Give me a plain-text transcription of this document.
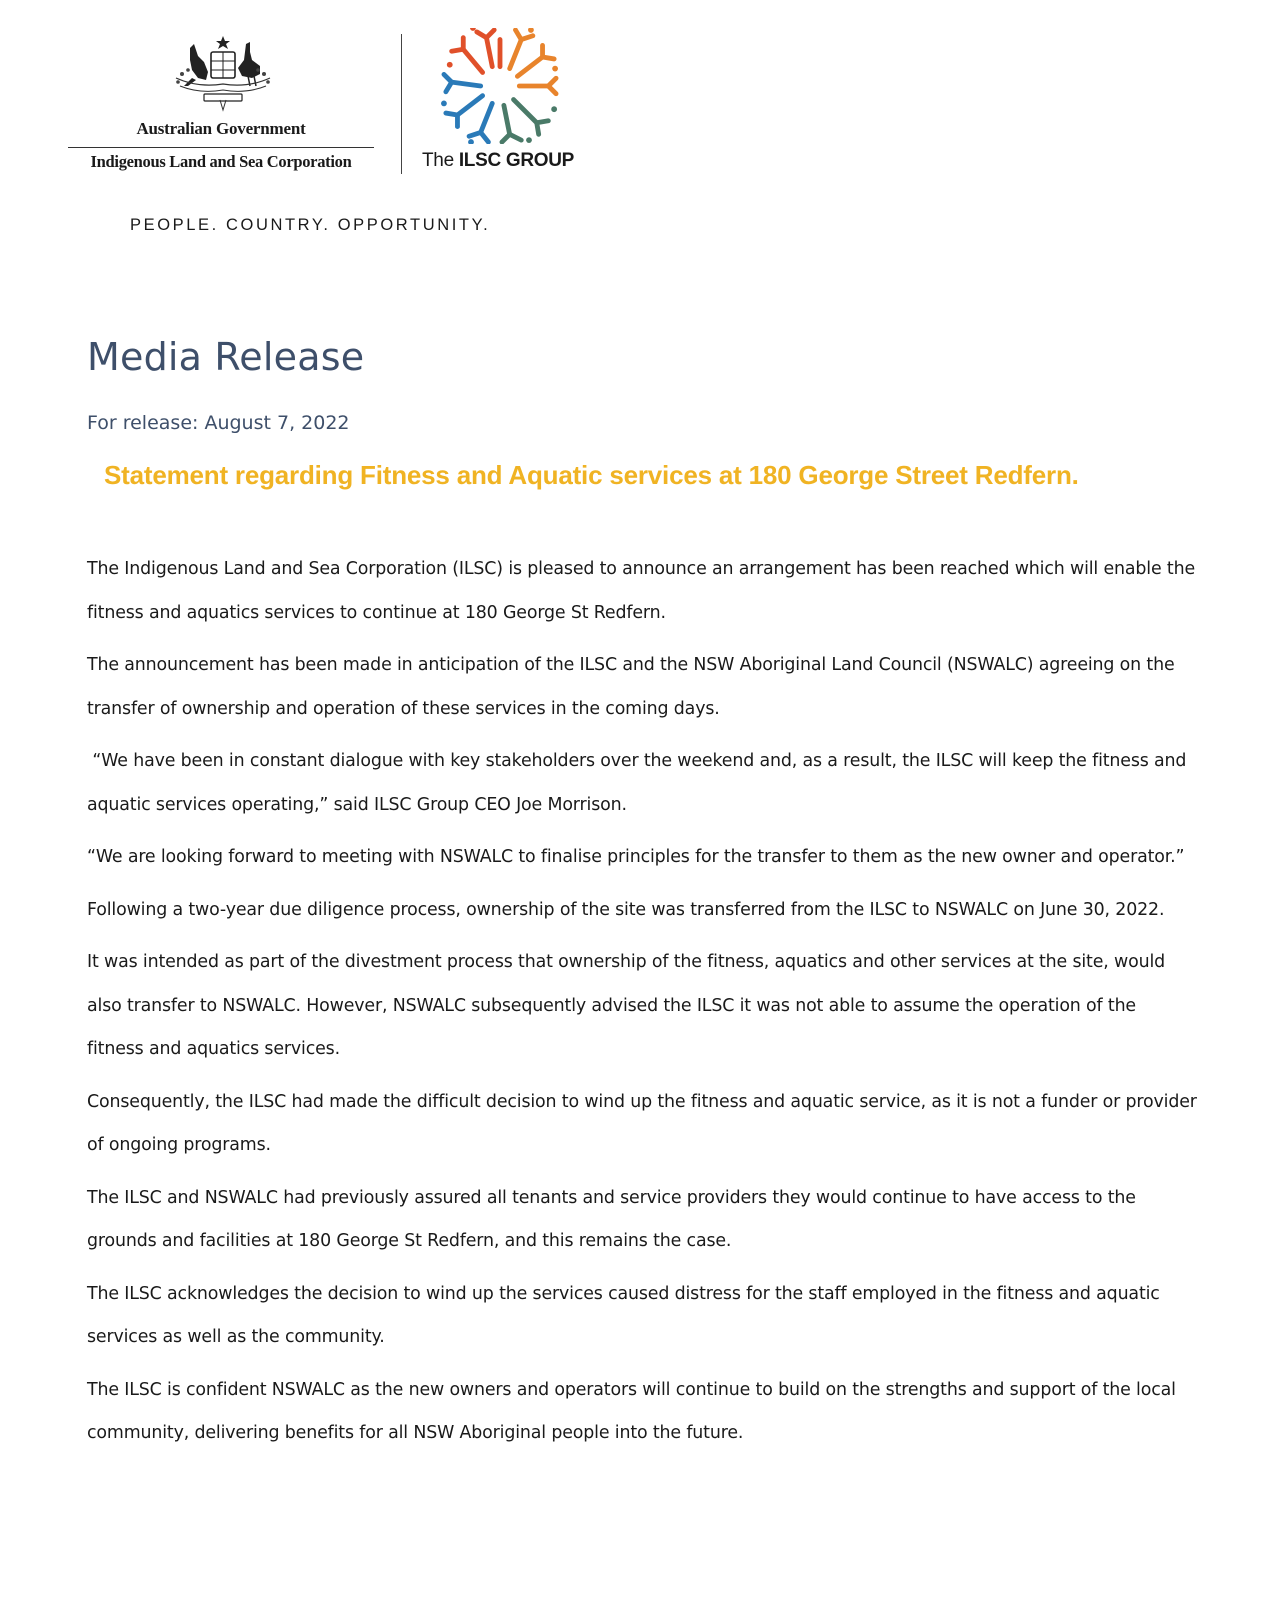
Australian Government
Indigenous Land and Sea Corporation	The ILSC GROUP
PEOPLE. COUNTRY. OPPORTUNITY.
Media Release
For release: August 7, 2022
Statement regarding Fitness and Aquatic services at 180 George Street Redfern.

The Indigenous Land and Sea Corporation (ILSC) is pleased to announce an arrangement has been reached which will enable the fitness and aquatics services to continue at 180 George St Redfern.

The announcement has been made in anticipation of the ILSC and the NSW Aboriginal Land Council (NSWALC) agreeing on the transfer of ownership and operation of these services in the coming days.

“We have been in constant dialogue with key stakeholders over the weekend and, as a result, the ILSC will keep the fitness and aquatic services operating,” said ILSC Group CEO Joe Morrison.

“We are looking forward to meeting with NSWALC to finalise principles for the transfer to them as the new owner and operator.”

Following a two-year due diligence process, ownership of the site was transferred from the ILSC to NSWALC on June 30, 2022.

It was intended as part of the divestment process that ownership of the fitness, aquatics and other services at the site, would also transfer to NSWALC. However, NSWALC subsequently advised the ILSC it was not able to assume the operation of the fitness and aquatics services.

Consequently, the ILSC had made the difficult decision to wind up the fitness and aquatic service, as it is not a funder or provider of ongoing programs.

The ILSC and NSWALC had previously assured all tenants and service providers they would continue to have access to the grounds and facilities at 180 George St Redfern, and this remains the case.

The ILSC acknowledges the decision to wind up the services caused distress for the staff employed in the fitness and aquatic services as well as the community.

The ILSC is confident NSWALC as the new owners and operators will continue to build on the strengths and support of the local community, delivering benefits for all NSW Aboriginal people into the future.
